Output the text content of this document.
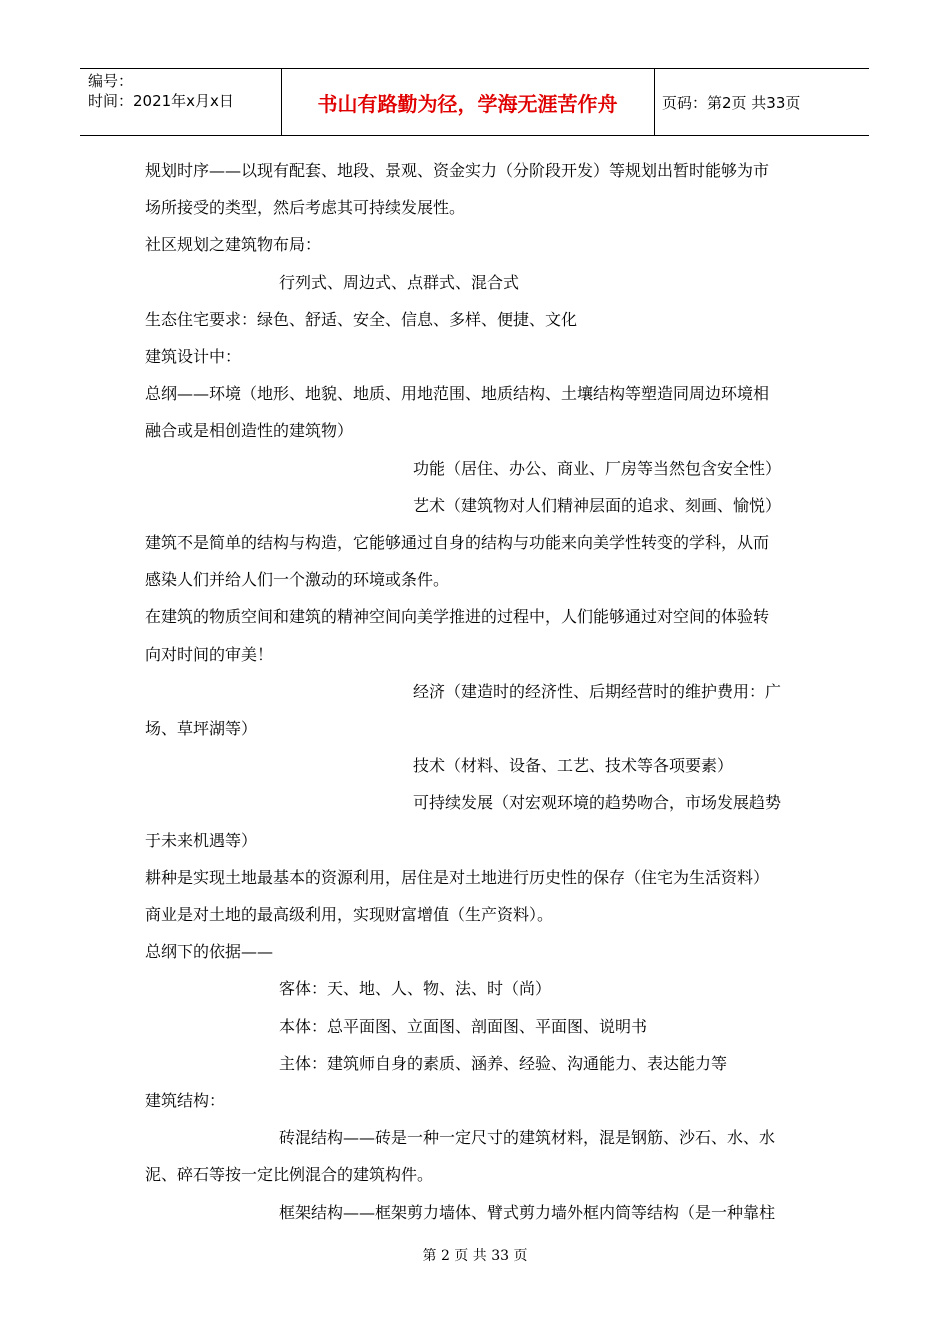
编号：
时间：2021年x月x日	书山有路勤为径，学海无涯苦作舟	页码：第2页 共33页

规划时序——以现有配套、地段、景观、资金实力（分阶段开发）等规划出暂时能够为市

场所接受的类型，然后考虑其可持续发展性。

社区规划之建筑物布局：

行列式、周边式、点群式、混合式

生态住宅要求：绿色、舒适、安全、信息、多样、便捷、文化

建筑设计中：

总纲——环境（地形、地貌、地质、用地范围、地质结构、土壤结构等塑造同周边环境相

融合或是相创造性的建筑物）

功能（居住、办公、商业、厂房等当然包含安全性）

艺术（建筑物对人们精神层面的追求、刻画、愉悦）

建筑不是简单的结构与构造，它能够通过自身的结构与功能来向美学性转变的学科，从而

感染人们并给人们一个激动的环境或条件。

在建筑的物质空间和建筑的精神空间向美学推进的过程中，人们能够通过对空间的体验转

向对时间的审美！

经济（建造时的经济性、后期经营时的维护费用：广

场、草坪湖等）

技术（材料、设备、工艺、技术等各项要素）

可持续发展（对宏观环境的趋势吻合，市场发展趋势

于未来机遇等）

耕种是实现土地最基本的资源利用，居住是对土地进行历史性的保存（住宅为生活资料）

商业是对土地的最高级利用，实现财富增值（生产资料）。

总纲下的依据——

客体：天、地、人、物、法、时（尚）

本体：总平面图、立面图、剖面图、平面图、说明书

主体：建筑师自身的素质、涵养、经验、沟通能力、表达能力等

建筑结构：

砖混结构——砖是一种一定尺寸的建筑材料，混是钢筋、沙石、水、水

泥、碎石等按一定比例混合的建筑构件。

框架结构——框架剪力墙体、臂式剪力墙外框内筒等结构（是一种靠柱

第 2 页 共 33 页
